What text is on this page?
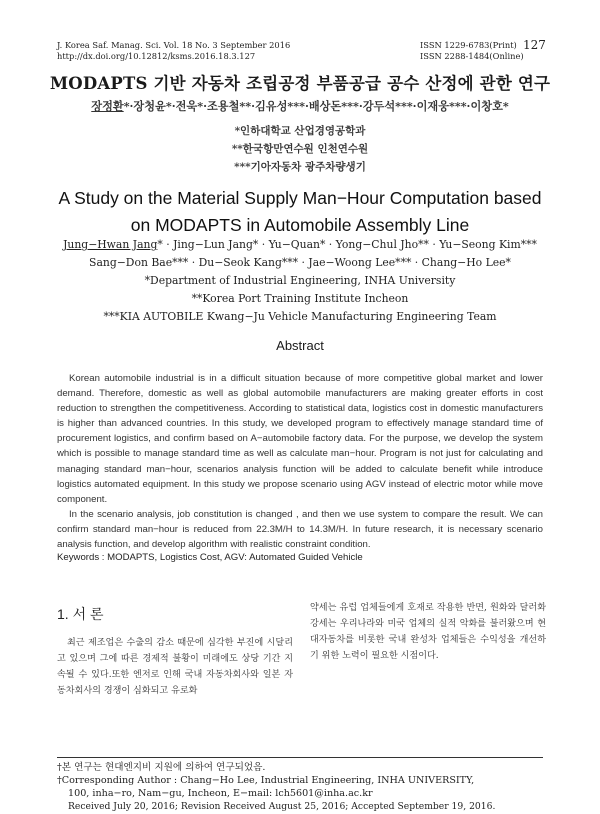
J. Korea Saf. Manag. Sci. Vol. 18 No. 3 September 2016
http://dx.doi.org/10.12812/ksms.2016.18.3.127
ISSN 1229-6783(Print)
ISSN 2288-1484(Online)
127
MODAPTS 기반 자동차 조립공정 부품공급 공수 산정에 관한 연구
장정환*·장청윤*·전욱*·조용철**·김유성***·배상돈***·강두석***·이재웅***·이창호*
*인하대학교 산업경영공학과
**한국항만연수원 인천연수원
***기아자동차 광주차량생기
A Study on the Material Supply Man−Hour Computation based
on MODAPTS in Automobile Assembly Line
Jung−Hwan Jang* · Jing−Lun Jang* · Yu−Quan* · Yong−Chul Jho** · Yu−Seong Kim***
Sang−Don Bae*** · Du−Seok Kang*** · Jae−Woong Lee*** · Chang−Ho Lee*
*Department of Industrial Engineering, INHA University
**Korea Port Training Institute Incheon
***KIA AUTOBILE Kwang−Ju Vehicle Manufacturing Engineering Team
Abstract

Korean automobile industrial is in a difficult situation because of more competitive global market and lower demand. Therefore, domestic as well as global automobile manufacturers are making greater efforts in cost reduction to strengthen the competitiveness. According to statistical data, logistics cost in domestic manufacturers is higher than advanced countries. In this study, we developed program to effectively manage standard time of procurement logistics, and confirm based on A−automobile factory data. For the purpose, we develop the system which is possible to manage standard time as well as calculate man−hour. Program is not just for calculating and managing standard man−hour, scenarios analysis function will be added to calculate benefit while introduce logistics automated equipment. In this study we propose scenario using AGV instead of electric motor while move component.

In the scenario analysis, job constitution is changed , and then we use system to compare the result. We can confirm standard man−hour is reduced from 22.3M/H to 14.3M/H. In future research, it is necessary scenario analysis function, and develop algorithm with realistic constraint condition.

Keywords : MODAPTS, Logistics Cost, AGV: Automated Guided Vehicle
1. 서 론
최근 제조업은 수출의 감소 때문에 심각한 부진에 시달리고 있으며 그에 따른 경제적 불황이 미래에도 상당 기간 지속될 수 있다.또한 엔저로 인해 국내 자동차회사와 일본 자동차회사의 경쟁이 심화되고 유로화
약세는 유럽 업체들에게 호재로 작용한 반면, 원화와 달러화 강세는 우리나라와 미국 업체의 실적 악화를 불러왔으며 현대자동차를 비롯한 국내 완성차 업체들은 수익성을 개선하기 위한 노력이 필요한 시점이다.
†본 연구는 현대엔지비 지원에 의하여 연구되었음.
†Corresponding Author : Chang−Ho Lee, Industrial Engineering, INHA UNIVERSITY,
100, inha−ro, Nam−gu, Incheon, E−mail: lch5601@inha.ac.kr
Received July 20, 2016; Revision Received August 25, 2016; Accepted September 19, 2016.
